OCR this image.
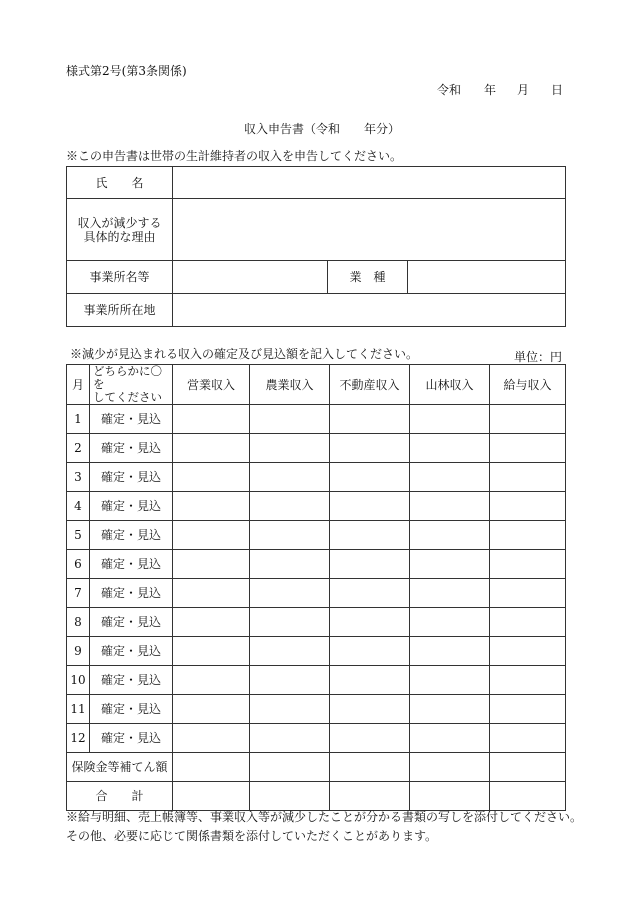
様式第2号(第3条関係)
令和 年 月 日
収入申告書（令和　　年分）
※この申告書は世帯の生計維持者の収入を申告してください。
氏　　名			

収入が減少する
具体的な理由			

事業所名等		業　種	
事業所所在地			
※減少が見込まれる収入の確定及び見込額を記入してください。	単位：円
月	どちらかに〇を
してください	営業収入	農業収入	不動産収入	山林収入	給与収入
1	確定・見込					
2	確定・見込					
3	確定・見込					
4	確定・見込					
5	確定・見込					
6	確定・見込					
7	確定・見込					
8	確定・見込					
9	確定・見込					
10	確定・見込					
11	確定・見込					
12	確定・見込					
保険金等補てん額						
合　　計						
※給与明細、売上帳簿等、事業収入等が減少したことが分かる書類の写しを添付してください。
その他、必要に応じて関係書類を添付していただくことがあります。
